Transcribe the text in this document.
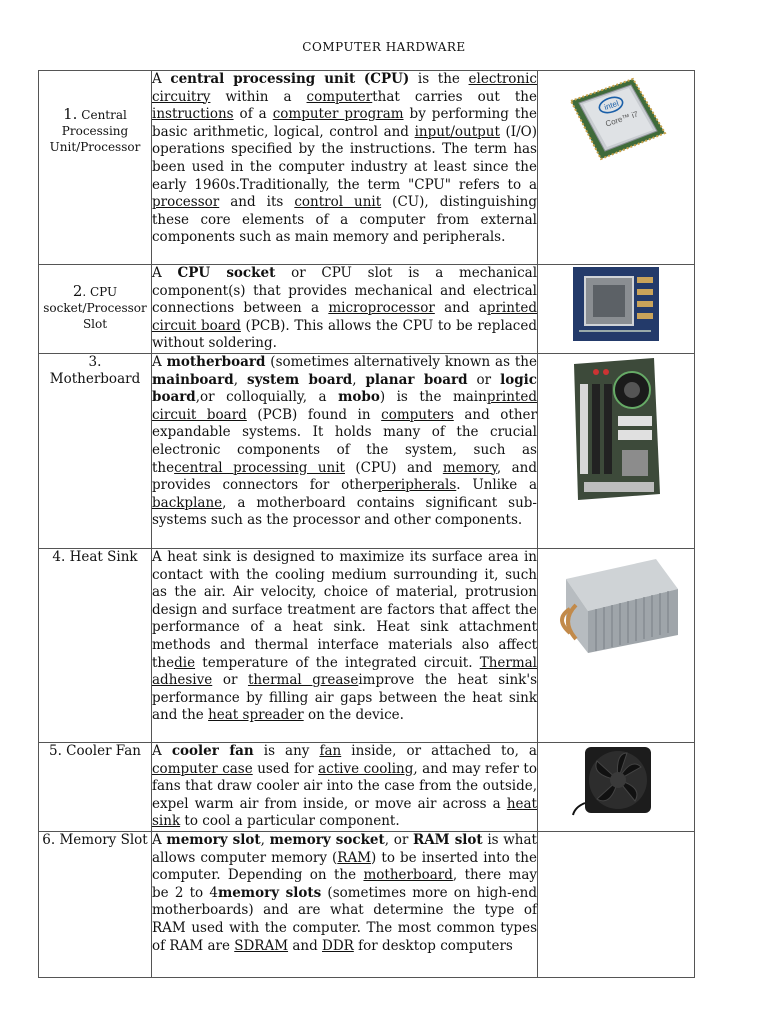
COMPUTER HARDWARE
1. Central Processing Unit/Processor	A central processing unit (CPU) is the electronic circuitry within a computerthat carries out the instructions of a computer program by performing the basic arithmetic, logical, control and input/output (I/O) operations specified by the instructions. The term has been used in the computer industry at least since the early 1960s.Traditionally, the term "CPU" refers to a processor and its control unit (CU), distinguishing these core elements of a computer from external components such as main memory and peripherals.	intel
Core™ i7

2. CPU socket/Processor Slot	A CPU socket or CPU slot is a mechanical component(s) that provides mechanical and electrical connections between a microprocessor and aprinted circuit board (PCB). This allows the CPU to be replaced without soldering.	

3.
Motherboard	A motherboard (sometimes alternatively known as the mainboard, system board, planar board or logic board,or colloquially, a mobo) is the mainprinted circuit board (PCB) found in computers and other expandable systems. It holds many of the crucial electronic components of the system, such as thecentral processing unit (CPU) and memory, and provides connectors for otherperipherals. Unlike a backplane, a motherboard contains significant sub-systems such as the processor and other components.	

4. Heat Sink	A heat sink is designed to maximize its surface area in contact with the cooling medium surrounding it, such as the air. Air velocity, choice of material, protrusion design and surface treatment are factors that affect the performance of a heat sink. Heat sink attachment methods and thermal interface materials also affect thedie temperature of the integrated circuit. Thermal adhesive or thermal greaseimprove the heat sink's performance by filling air gaps between the heat sink and the heat spreader on the device.	

5. Cooler Fan	A cooler fan is any fan inside, or attached to, a computer case used for active cooling, and may refer to fans that draw cooler air into the case from the outside, expel warm air from inside, or move air across a heat sink to cool a particular component.	

6. Memory Slot	A memory slot, memory socket, or RAM slot is what allows computer memory (RAM) to be inserted into the computer. Depending on the motherboard, there may be 2 to 4memory slots (sometimes more on high-end motherboards) and are what determine the type of RAM used with the computer. The most common types of RAM are SDRAM and DDR for desktop computers	
